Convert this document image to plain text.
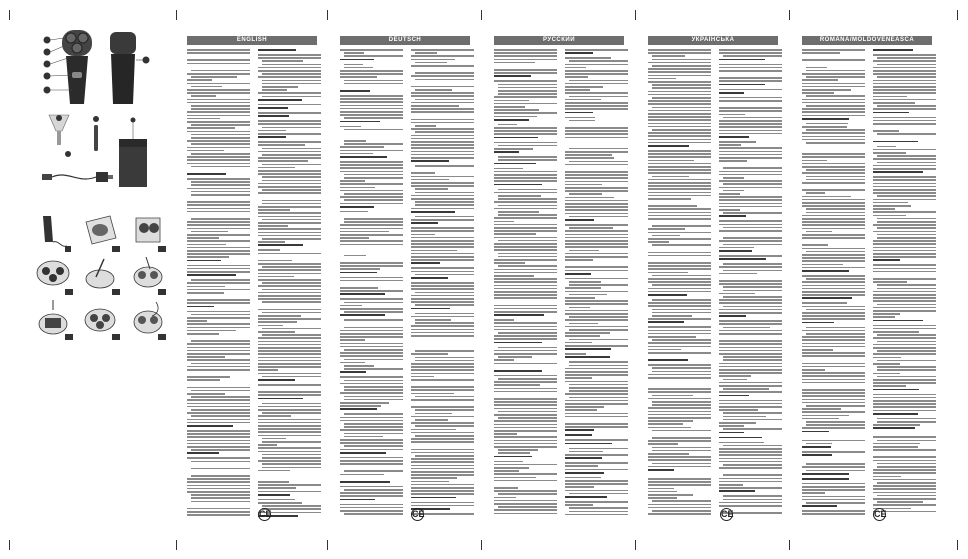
ENGLISH	DEUTSCH	РУССКИЙ	УКРАЇНСЬКА	ROMÂNĂ/MOLDOVENEASCĂ
CE	CE	CE	CE
